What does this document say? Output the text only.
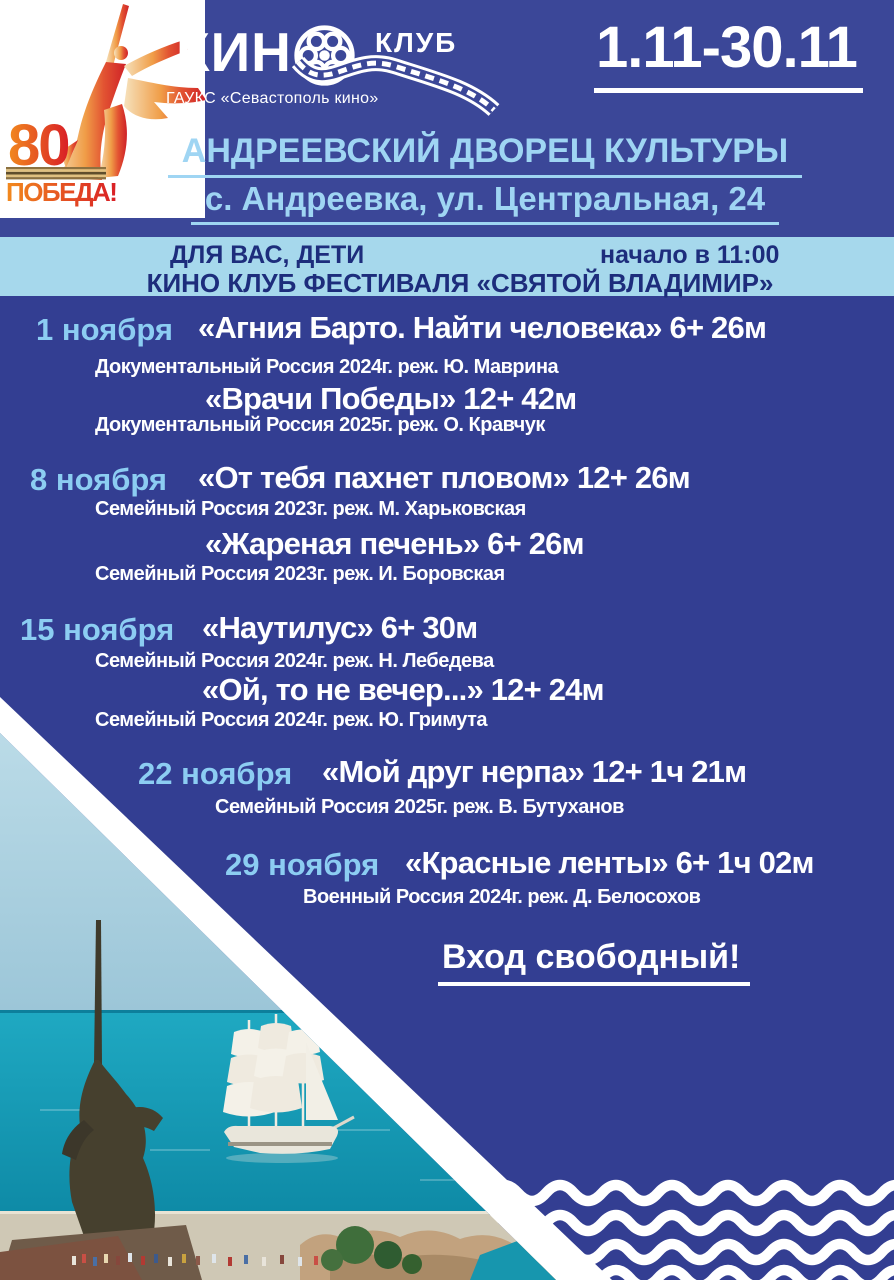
80
ПОБЕДА!
КИН	КЛУБ
ГАУКС «Севастополь кино»
1.11-30.11
АНДРЕЕВСКИЙ ДВОРЕЦ КУЛЬТУРЫ
с. Андреевка, ул. Центральная, 24
ДЛЯ ВАС, ДЕТИ	начало в 11:00
КИНО КЛУБ ФЕСТИВАЛЯ «СВЯТОЙ ВЛАДИМИР»
1 ноября «Агния Барто. Найти человека» 6+ 26м
Документальный Россия 2024г. реж. Ю. Маврина
«Врачи Победы» 12+ 42м
Документальный Россия 2025г. реж. О. Кравчук
8 ноября «От тебя пахнет пловом» 12+ 26м
Семейный Россия 2023г. реж. М. Харьковская
«Жареная печень» 6+ 26м
Семейный Россия 2023г. реж. И. Боровская
15 ноября «Наутилус» 6+ 30м
Семейный Россия 2024г. реж. Н. Лебедева
«Ой, то не вечер...» 12+ 24м
Семейный Россия 2024г. реж. Ю. Гримута
22 ноября «Мой друг нерпа» 12+ 1ч 21м
Семейный Россия 2025г. реж. В. Бутуханов
29 ноября «Красные ленты» 6+ 1ч 02м
Военный Россия 2024г. реж. Д. Белосохов
Вход свободный!
